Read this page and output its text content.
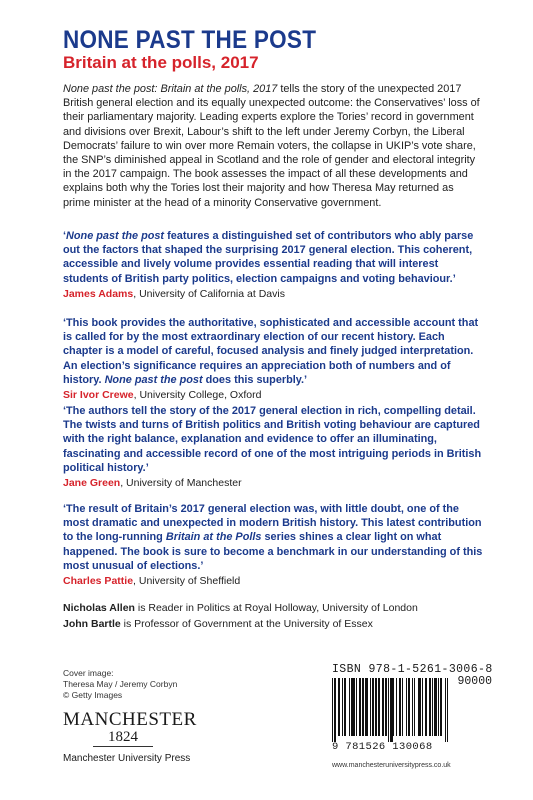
NONE PAST THE POST
Britain at the polls, 2017
None past the post: Britain at the polls, 2017 tells the story of the unexpected 2017 British general election and its equally unexpected outcome: the Conservatives’ loss of their parliamentary majority. Leading experts explore the Tories’ record in government and divisions over Brexit, Labour’s shift to the left under Jeremy Corbyn, the Liberal Democrats’ failure to win over more Remain voters, the collapse in UKIP’s vote share, the SNP’s diminished appeal in Scotland and the role of gender and electoral integrity in the 2017 campaign. The book assesses the impact of all these developments and explains both why the Tories lost their majority and how Theresa May returned as prime minister at the head of a minority Conservative government.
‘None past the post features a distinguished set of contributors who ably parse out the factors that shaped the surprising 2017 general election. This coherent, accessible and lively volume provides essential reading that will interest students of British party politics, election campaigns and voting behaviour.’
James Adams, University of California at Davis
‘This book provides the authoritative, sophisticated and accessible account that is called for by the most extraordinary election of our recent history. Each chapter is a model of careful, focused analysis and finely judged interpretation. An election’s significance requires an appreciation both of numbers and of history. None past the post does this superbly.’
Sir Ivor Crewe, University College, Oxford
‘The authors tell the story of the 2017 general election in rich, compelling detail. The twists and turns of British politics and British voting behaviour are captured with the right balance, explanation and evidence to offer an illuminating, fascinating and accessible record of one of the most intriguing periods in British political history.’
Jane Green, University of Manchester
‘The result of Britain’s 2017 general election was, with little doubt, one of the most dramatic and unexpected in modern British history. This latest contribution to the long-running Britain at the Polls series shines a clear light on what happened. The book is sure to become a benchmark in our understanding of this most unusual of elections.’
Charles Pattie, University of Sheffield
Nicholas Allen is Reader in Politics at Royal Holloway, University of London
John Bartle is Professor of Government at the University of Essex
Cover image:
Theresa May / Jeremy Corbyn
© Getty Images
MANCHESTER
1824
Manchester University Press
ISBN 978-1-5261-3006-8
90000
9 781526 130068
www.manchesteruniversitypress.co.uk
